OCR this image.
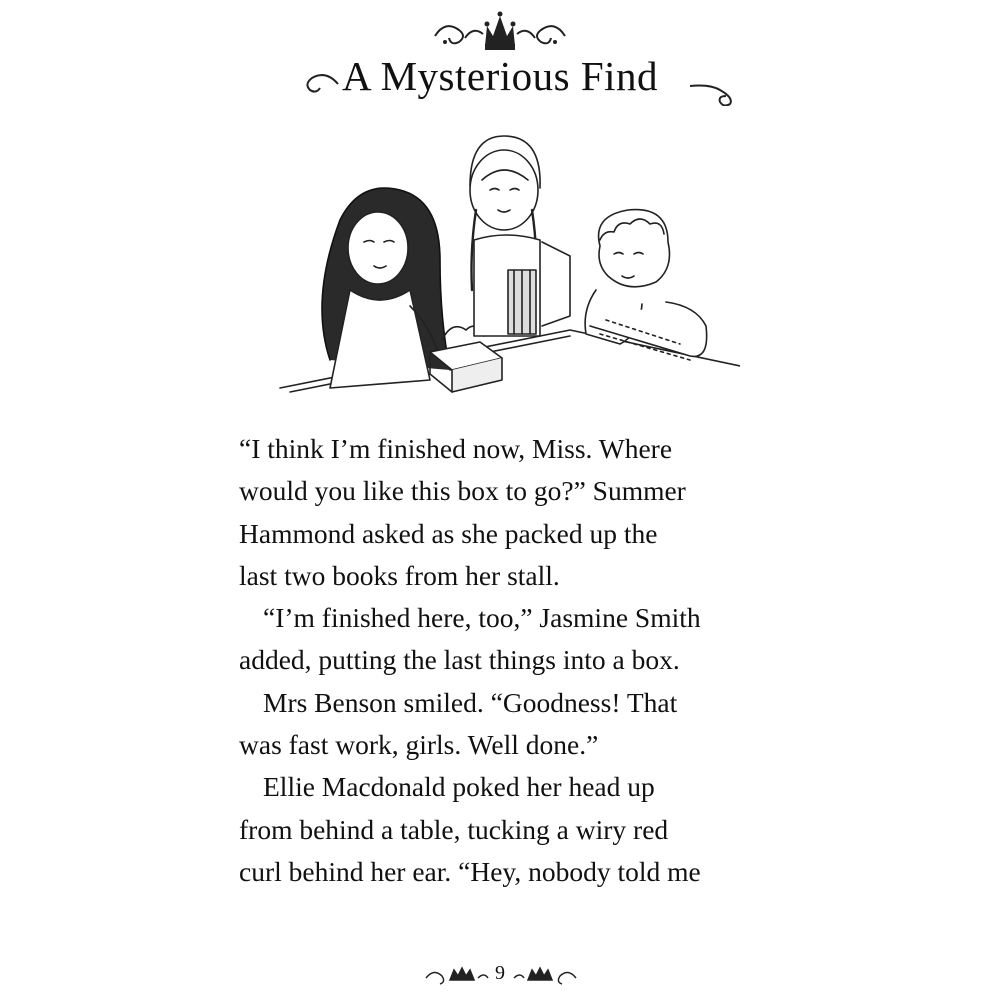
A Mysterious Find

“I think I’m finished now, Miss. Where
would you like this box to go?” Summer
Hammond asked as she packed up the
last two books from her stall.

“I’m finished here, too,” Jasmine Smith
added, putting the last things into a box.

Mrs Benson smiled. “Goodness! That
was fast work, girls. Well done.”

Ellie Macdonald poked her head up
from behind a table, tucking a wiry red
curl behind her ear. “Hey, nobody told me

9
